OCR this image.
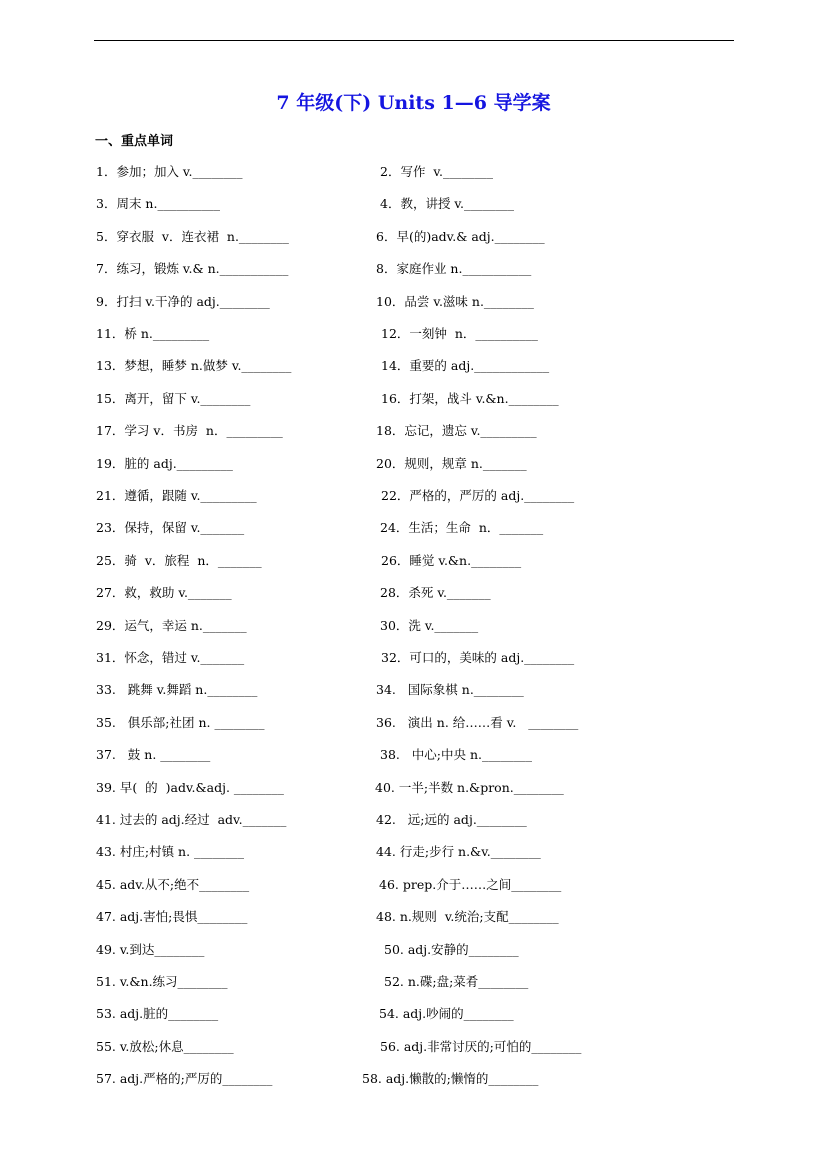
7 年级(下) Units 1—6 导学案
一、重点单词
1．参加；加入 v.________	2．写作  v.________
3．周末 n.__________	4．教，讲授 v.________
5．穿衣服  v．连衣裙  n.________	6．早(的)adv.& adj.________
7．练习，锻炼 v.& n.___________	8．家庭作业 n.___________
9．打扫 v.干净的 adj.________	10．品尝 v.滋味 n.________
11．桥 n._________	12．一刻钟  n．__________
13．梦想，睡梦 n.做梦 v.________	14．重要的 adj.____________
15．离开，留下 v.________	16．打架，战斗 v.&n.________
17．学习 v．书房  n．_________	18．忘记，遗忘 v._________
19．脏的 adj._________	20．规则，规章 n._______
21．遵循，跟随 v._________	22．严格的，严厉的 adj.________
23．保持，保留 v._______	24．生活；生命  n．_______
25．骑  v．旅程  n．_______	26．睡觉 v.&n.________
27．救，救助 v._______	28．杀死 v._______
29．运气，幸运 n._______	30．洗 v._______
31．怀念，错过 v._______	32．可口的，美味的 adj.________
33.   跳舞 v.舞蹈 n.________	34.   国际象棋 n.________
35.   俱乐部;社团 n. ________	36.   演出 n. 给……看 v.   ________
37.   鼓 n. ________	38.   中心;中央 n.________
39. 早(  的  )adv.&adj. ________	40. 一半;半数 n.&pron.________
41. 过去的 adj.经过  adv._______	42.   远;远的 adj.________
43. 村庄;村镇 n. ________	44. 行走;步行 n.&v.________
45. adv.从不;绝不________	46. prep.介于……之间________
47. adj.害怕;畏惧________	48. n.规则  v.统治;支配________
49. v.到达________	50. adj.安静的________
51. v.&n.练习________	52. n.碟;盘;菜肴________
53. adj.脏的________	54. adj.吵闹的________
55. v.放松;休息________	56. adj.非常讨厌的;可怕的________
57. adj.严格的;严厉的________	58. adj.懒散的;懒惰的________
